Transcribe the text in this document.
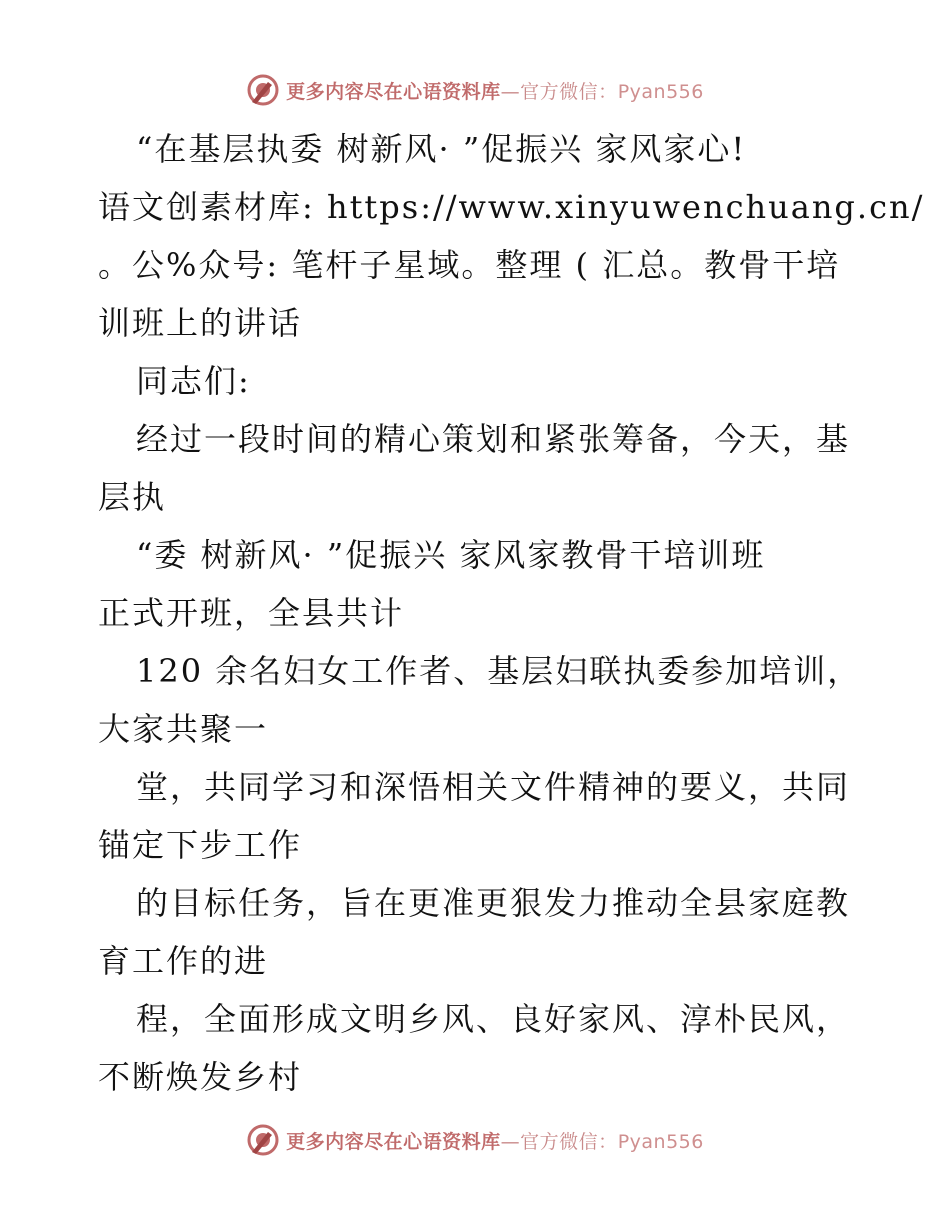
更多内容尽在心语资料库—官方微信：Pyan556
“在基层执委 树新风· ”促振兴 家风家心!
语文创素材库: https://www.xinyuwenchuang.cn/
。公%众号: 笔杆子星域。整理 ( 汇总。教骨干培
训班上的讲话
同志们:
经过一段时间的精心策划和紧张筹备，今天，基
层执
“委 树新风· ”促振兴 家风家教骨干培训班
正式开班，全县共计
120 余名妇女工作者、基层妇联执委参加培训，
大家共聚一
堂，共同学习和深悟相关文件精神的要义，共同
锚定下步工作
的目标任务，旨在更准更狠发力推动全县家庭教
育工作的进
程，全面形成文明乡风、良好家风、淳朴民风，
不断焕发乡村
更多内容尽在心语资料库—官方微信：Pyan556
